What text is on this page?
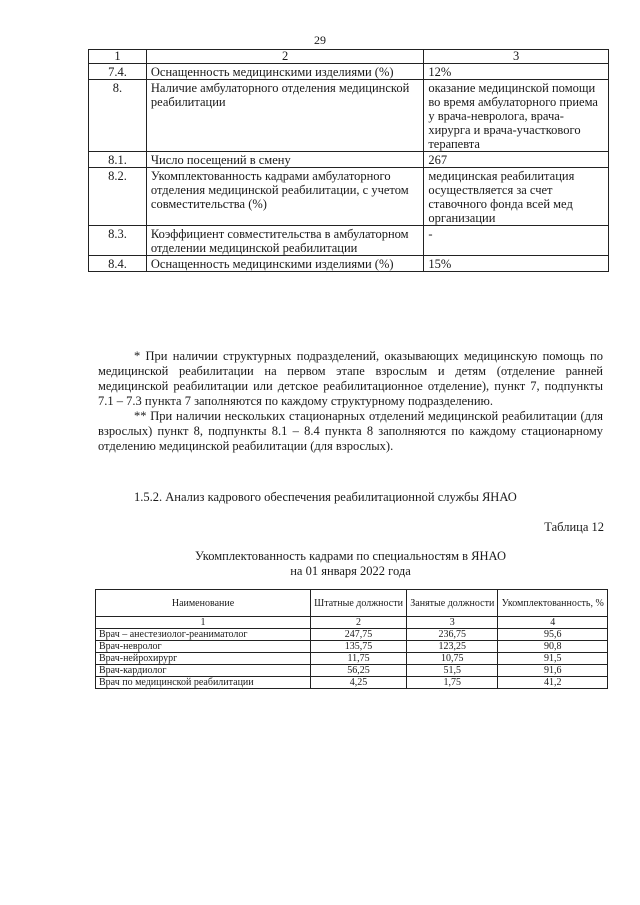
29
1	2	3
7.4.	Оснащенность медицинскими изделиями (%)	12%
8.	Наличие амбулаторного отделения медицинской реабилитации	оказание медицинской помощи во время амбулаторного приема у врача-невролога, врача-хирурга и врача-участкового терапевта
8.1.	Число посещений в смену	267
8.2.	Укомплектованность кадрами амбулаторного отделения медицинской реабилитации, с учетом совместительства (%)	медицинская реабилитация осуществляется за счет ставочного фонда всей мед организации
8.3.	Коэффициент совместительства в амбулаторном отделении медицинской реабилитации	-
8.4.	Оснащенность медицинскими изделиями (%)	15%

* При наличии структурных подразделений, оказывающих медицинскую помощь по медицинской реабилитации на первом этапе взрослым и детям (отделение ранней медицинской реабилитации или детское реабилитационное отделение), пункт 7, подпункты 7.1 – 7.3 пункта 7 заполняются по каждому структурному подразделению.

** При наличии нескольких стационарных отделений медицинской реабилитации (для взрослых) пункт 8, подпункты 8.1 – 8.4 пункта 8 заполняются по каждому стационарному отделению медицинской реабилитации (для взрослых).

1.5.2. Анализ кадрового обеспечения реабилитационной службы ЯНАО
Таблица 12
Укомплектованность кадрами по специальностям в ЯНАО
на 01 января 2022 года
Наименование	Штатные должности	Занятые должности	Укомплектованность, %
1	2	3	4
Врач – анестезиолог-реаниматолог	247,75	236,75	95,6
Врач-невролог	135,75	123,25	90,8
Врач-нейрохирург	11,75	10,75	91,5
Врач-кардиолог	56,25	51,5	91,6
Врач по медицинской реабилитации	4,25	1,75	41,2
